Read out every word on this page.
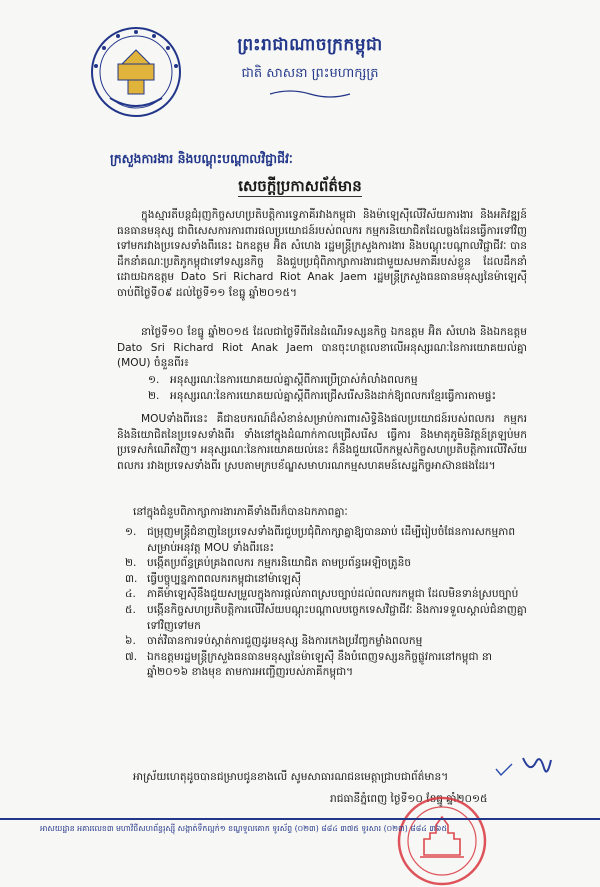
ព្រះរាជាណាចក្រកម្ពុជា
ជាតិ សាសនា ព្រះមហាក្សត្រ
ក្រសួងការងារ និងបណ្តុះបណ្តាលវិជ្ជាជីវៈ
សេចក្តីប្រកាសព័ត៌មាន
ក្នុងស្មារតីបន្តជំរុញកិច្ចសហប្រតិបត្តិការទ្វេភាគីរវាងកម្ពុជា និងម៉ាឡេស៊ីលើវិស័យការងារ និងអភិវឌ្ឍន៍ធនធានមនុស្ស ជាពិសេសការការពារផលប្រយោជន៍របស់ពលករ កម្មករនិយោជិតដែលធ្លងដែនធ្វើការទៅវិញទៅមករវាងប្រទេសទាំងពីរនេះ ឯកឧត្តម អ៊ិត សំហេង រដ្ឋមន្រ្តីក្រសួងការងារ និងបណ្តុះបណ្តាលវិជ្ជាជីវៈ បានដឹកនាំគណៈប្រតិភូកម្ពុជាទៅទស្សនកិច្ច និងជួបប្រជុំពិភាក្សាការងារជាមួយសមភាគីរបស់ខ្លួន ដែលដឹកនាំដោយឯកឧត្តម Dato Sri Richard Riot Anak Jaem រដ្ឋមន្រ្តីក្រសួងធនធានមនុស្សនៃម៉ាឡេស៊ីចាប់ពីថ្ងៃទី០៩ ដល់ថ្ងៃទី១១ ខែធ្នូ ឆ្នាំ២០១៥។
នាថ្ងៃទី១០ ខែធ្នូ ឆ្នាំ២០១៥ ដែលជាថ្ងៃទីពីរនៃដំណើរទស្សនកិច្ច ឯកឧត្តម អ៊ិត សំហេង និងឯកឧត្តម Dato Sri Richard Riot Anak Jaem បានចុះហត្ថលេខាលើអនុស្សរណៈនៃការយោគយល់គ្នា (MOU) ចំនួនពីរ៖
១.	អនុស្សរណៈនៃការយោគយល់គ្នាស្តីពីការប្រើប្រាស់កំលាំងពលកម្ម
២.	អនុស្សរណៈនៃការយោគយល់គ្នាស្តីពីការជ្រើសរើសនិងដាក់ឱ្យពលករខ្មែរធ្វើការតាមផ្ទះ
MOUទាំងពីរនេះ គឺជាឧបករណ៍ដ៏សំខាន់សម្រាប់ការពារសិទ្ធិនិងផលប្រយោជន៍របស់ពលករ កម្មករ និងនិយោជិតនៃប្រទេសទាំងពីរ ទាំងនៅក្នុងដំណាក់កាលជ្រើសរើស ធ្វើការ និងមាតុភូមិនិវត្តន៍ត្រឡប់មកប្រទេសកំណើតវិញ។ អនុស្សរណៈនៃការយោគយល់នេះ ក៏នឹងជួយលើកកម្ពស់កិច្ចសហប្រតិបត្តិការលើវិស័យពលករ រវាងប្រទេសទាំងពីរ ស្របតាមក្របខ័ណ្ឌសមាហរណកម្មសហគមន៍សេដ្ឋកិច្ចអាស៊ានផងដែរ។
នៅក្នុងជំនួបពិភាក្សាការងារភាគីទាំងពីរក៏បានឯកភាពគ្នាៈ
១.	ជម្រុញមន្ត្រីជំនាញនៃប្រទេសទាំងពីរជួបប្រជុំពិភាក្សាគ្នាឱ្យបានឆាប់ ដើម្បីរៀបចំផែនការសកម្មភាពសម្រាប់អនុវត្ត MOU ទាំងពីរនេះ
២.	បង្កើតប្រព័ន្ធគ្រប់គ្រងពលករ កម្មករនិយោជិត តាមប្រព័ន្ធអេឡិចត្រូនិច
៣. ធ្វើបច្ចុប្បន្នភាពពលករកម្ពុជានៅម៉ាឡេស៊ី
៤.	ភាគីម៉ាឡេស៊ីនឹងជួយសម្រួលក្នុងការផ្តល់ភាពស្របច្បាប់ដល់ពលករកម្ពុជា ដែលមិនទាន់ស្របច្បាប់
៥.	បង្កើនកិច្ចសហប្រតិបត្តិការលើវិស័យបណ្តុះបណ្តាលបច្ចេកទេសវិជ្ជាជីវៈ និងការទទួលស្គាល់ជំនាញគ្នាទៅវិញទៅមក
៦.	ចាត់វិធានការទប់ស្កាត់ការជួញដូរមនុស្ស និងការកេងប្រវ័ញ្ចកម្លាំងពលកម្ម
៧. ឯកឧត្តមរដ្ឋមន្ត្រីក្រសួងធនធានមនុស្សនៃម៉ាឡេស៊ី នឹងបំពេញទស្សនកិច្ចផ្លូវការនៅកម្ពុជា នាឆ្នាំ២០១៦ ខាងមុខ តាមការអញ្ជើញរបស់ភាគីកម្ពុជា។
អាស្រ័យហេតុដូចបានជម្រាបជូនខាងលើ សូមសាធារណជនមេត្តាជ្រាបជាព័ត៌មាន។
រាជធានីភ្នំពេញ ថ្ងៃទី១០ ខែធ្នូ ឆ្នាំ២០១៥
អាសយដ្ឋាន អគារលេខ៣ មហាវិថីសហព័ន្ធរុស្ស៊ី សង្កាត់ទឹកល្អក់១ ខណ្ឌទួលគោក ទូរស័ព្ទ (០២៣) ៨៨៤ ៣៧៥ ទូរសារ (០២៣) ៨៨៤ ៣៦៥
